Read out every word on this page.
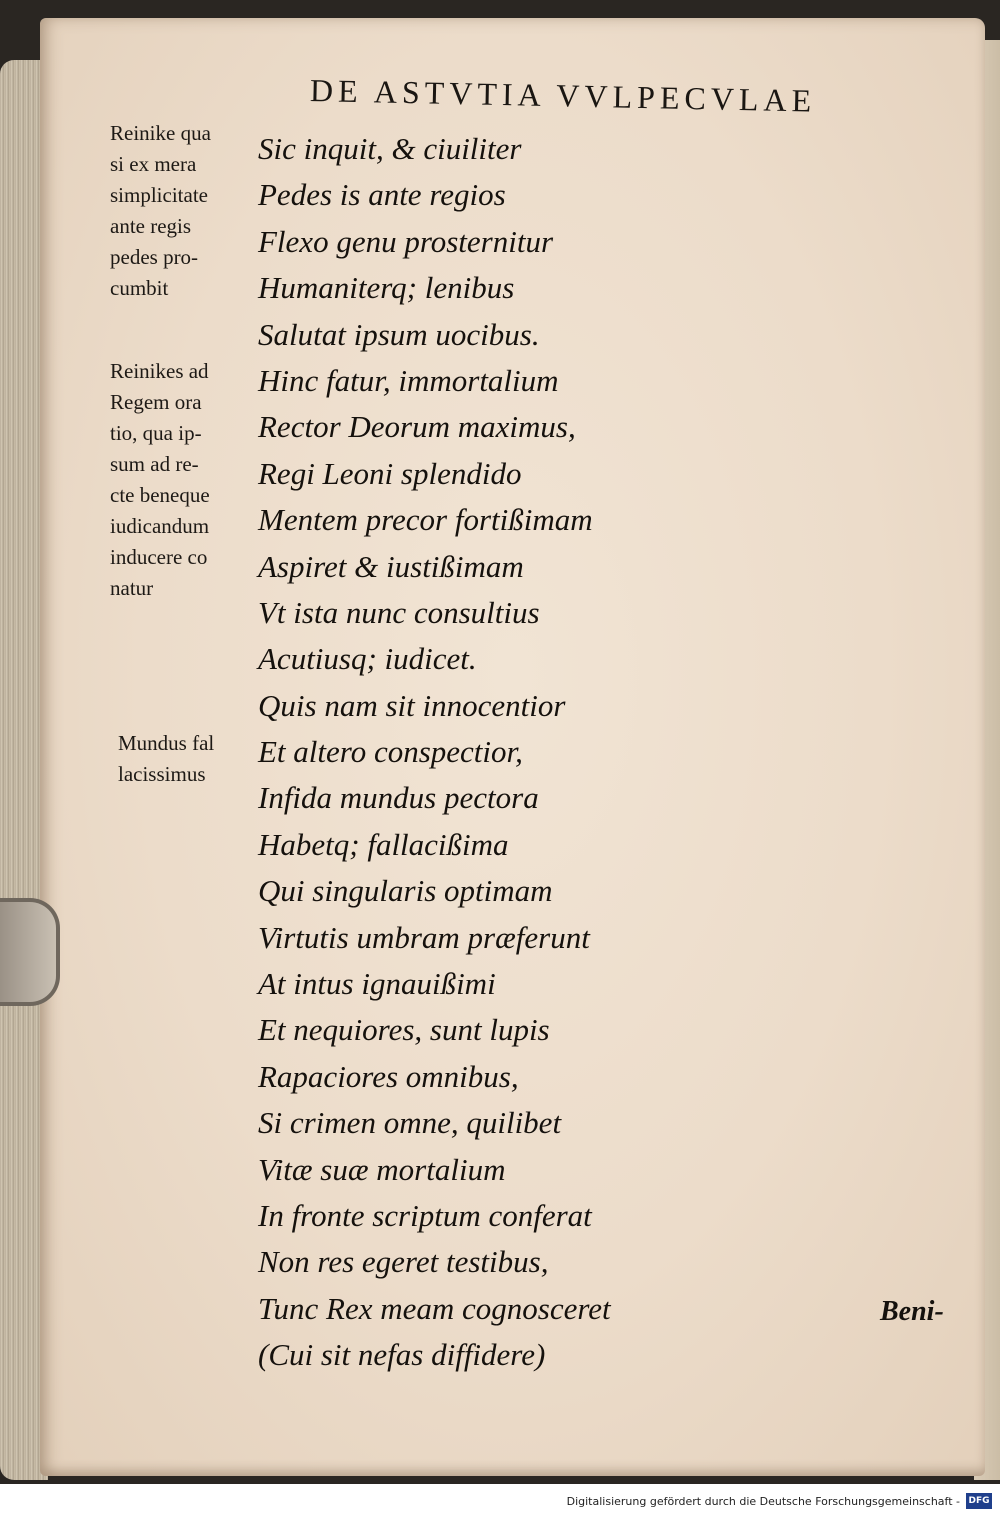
DE ASTVTIA VVLPECVLAE
Reinike qua
si ex mera
simplicitate
ante regis
pedes pro-
cumbit
Reinikes ad
Regem ora
tio, qua ip-
sum ad re-
cte beneque
iudicandum
inducere co
natur
Mundus fal
lacissimus
Sic inquit, & ciuiliter
Pedes is ante regios
Flexo genu prosternitur
Humaniterq; lenibus
Salutat ipsum uocibus.
Hinc fatur, immortalium
Rector Deorum maximus,
Regi Leoni splendido
Mentem precor fortißimam
Aspiret & iustißimam
Vt ista nunc consultius
Acutiusq; iudicet.
Quis nam sit innocentior
Et altero conspectior,
Infida mundus pectora
Habetq; fallacißima
Qui singularis optimam
Virtutis umbram præferunt
At intus ignauißimi
Et nequiores, sunt lupis
Rapaciores omnibus,
Si crimen omne, quilibet
Vitæ suæ mortalium
In fronte scriptum conferat
Non res egeret testibus,
Tunc Rex meam cognosceret
(Cui sit nefas diffidere)
Beni-
Digitalisierung gefördert durch die Deutsche Forschungsgemeinschaft - DFG
